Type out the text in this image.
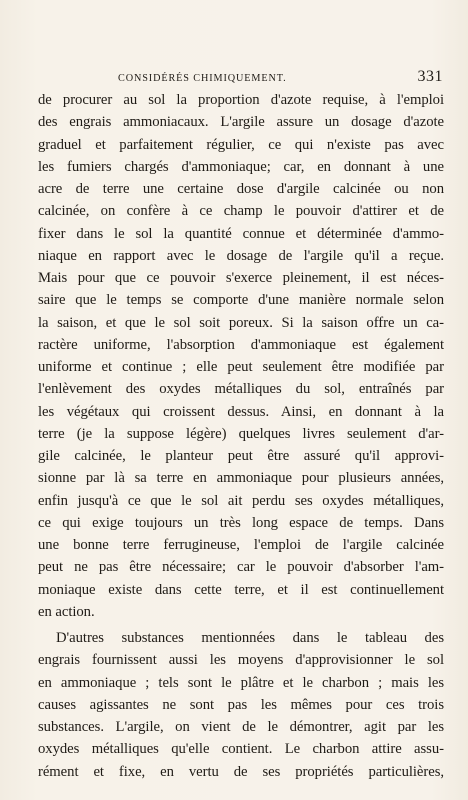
CONSIDÉRÉS CHIMIQUEMENT.	331
de procurer au sol la proportion d'azote requise, à l'emploi
des engrais ammoniacaux. L'argile assure un dosage d'azote
graduel et parfaitement régulier, ce qui n'existe pas avec
les fumiers chargés d'ammoniaque; car, en donnant à une
acre de terre une certaine dose d'argile calcinée ou non
calcinée, on confère à ce champ le pouvoir d'attirer et de
fixer dans le sol la quantité connue et déterminée d'ammo-
niaque en rapport avec le dosage de l'argile qu'il a reçue.
Mais pour que ce pouvoir s'exerce pleinement, il est néces-
saire que le temps se comporte d'une manière normale selon
la saison, et que le sol soit poreux. Si la saison offre un ca-
ractère uniforme, l'absorption d'ammoniaque est également
uniforme et continue ; elle peut seulement être modifiée par
l'enlèvement des oxydes métalliques du sol, entraînés par
les végétaux qui croissent dessus. Ainsi, en donnant à la
terre (je la suppose légère) quelques livres seulement d'ar-
gile calcinée, le planteur peut être assuré qu'il approvi-
sionne par là sa terre en ammoniaque pour plusieurs années,
enfin jusqu'à ce que le sol ait perdu ses oxydes métalliques,
ce qui exige toujours un très long espace de temps. Dans
une bonne terre ferrugineuse, l'emploi de l'argile calcinée
peut ne pas être nécessaire; car le pouvoir d'absorber l'am-
moniaque existe dans cette terre, et il est continuellement
en action.
D'autres substances mentionnées dans le tableau des
engrais fournissent aussi les moyens d'approvisionner le sol
en ammoniaque ; tels sont le plâtre et le charbon ; mais les
causes agissantes ne sont pas les mêmes pour ces trois
substances. L'argile, on vient de le démontrer, agit par les
oxydes métalliques qu'elle contient. Le charbon attire assu-
rément et fixe, en vertu de ses propriétés particulières,
